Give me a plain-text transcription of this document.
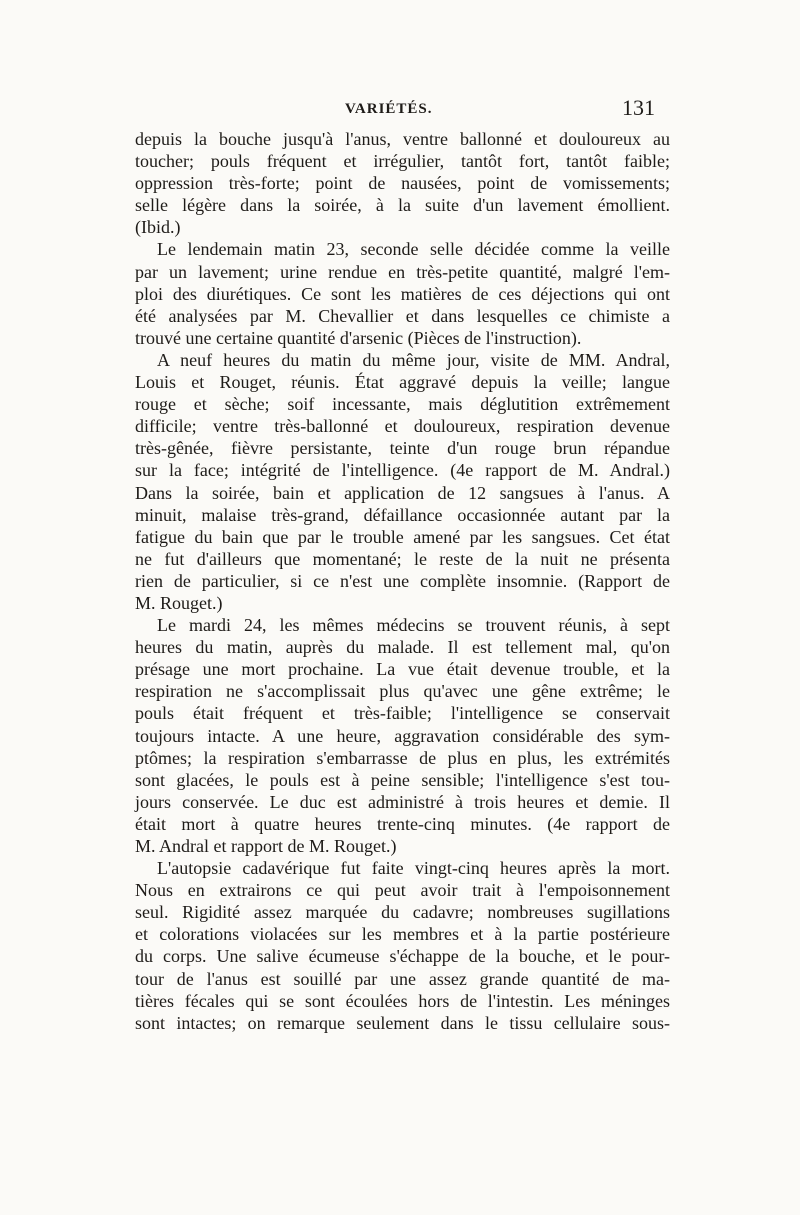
VARIÉTÉS.	131
depuis la bouche jusqu'à l'anus, ventre ballonné et douloureux au
toucher; pouls fréquent et irrégulier, tantôt fort, tantôt faible;
oppression très-forte; point de nausées, point de vomissements;
selle légère dans la soirée, à la suite d'un lavement émollient.
(Ibid.)
Le lendemain matin 23, seconde selle décidée comme la veille
par un lavement; urine rendue en très-petite quantité, malgré l'em-
ploi des diurétiques. Ce sont les matières de ces déjections qui ont
été analysées par M. Chevallier et dans lesquelles ce chimiste a
trouvé une certaine quantité d'arsenic (Pièces de l'instruction).
A neuf heures du matin du même jour, visite de MM. Andral,
Louis et Rouget, réunis. État aggravé depuis la veille; langue
rouge et sèche; soif incessante, mais déglutition extrêmement
difficile; ventre très-ballonné et douloureux, respiration devenue
très-gênée, fièvre persistante, teinte d'un rouge brun répandue
sur la face; intégrité de l'intelligence. (4e rapport de M. Andral.)
Dans la soirée, bain et application de 12 sangsues à l'anus. A
minuit, malaise très-grand, défaillance occasionnée autant par la
fatigue du bain que par le trouble amené par les sangsues. Cet état
ne fut d'ailleurs que momentané; le reste de la nuit ne présenta
rien de particulier, si ce n'est une complète insomnie. (Rapport de
M. Rouget.)
Le mardi 24, les mêmes médecins se trouvent réunis, à sept
heures du matin, auprès du malade. Il est tellement mal, qu'on
présage une mort prochaine. La vue était devenue trouble, et la
respiration ne s'accomplissait plus qu'avec une gêne extrême; le
pouls était fréquent et très-faible; l'intelligence se conservait
toujours intacte. A une heure, aggravation considérable des sym-
ptômes; la respiration s'embarrasse de plus en plus, les extrémités
sont glacées, le pouls est à peine sensible; l'intelligence s'est tou-
jours conservée. Le duc est administré à trois heures et demie. Il
était mort à quatre heures trente-cinq minutes. (4e rapport de
M. Andral et rapport de M. Rouget.)
L'autopsie cadavérique fut faite vingt-cinq heures après la mort.
Nous en extrairons ce qui peut avoir trait à l'empoisonnement
seul. Rigidité assez marquée du cadavre; nombreuses sugillations
et colorations violacées sur les membres et à la partie postérieure
du corps. Une salive écumeuse s'échappe de la bouche, et le pour-
tour de l'anus est souillé par une assez grande quantité de ma-
tières fécales qui se sont écoulées hors de l'intestin. Les méninges
sont intactes; on remarque seulement dans le tissu cellulaire sous-
